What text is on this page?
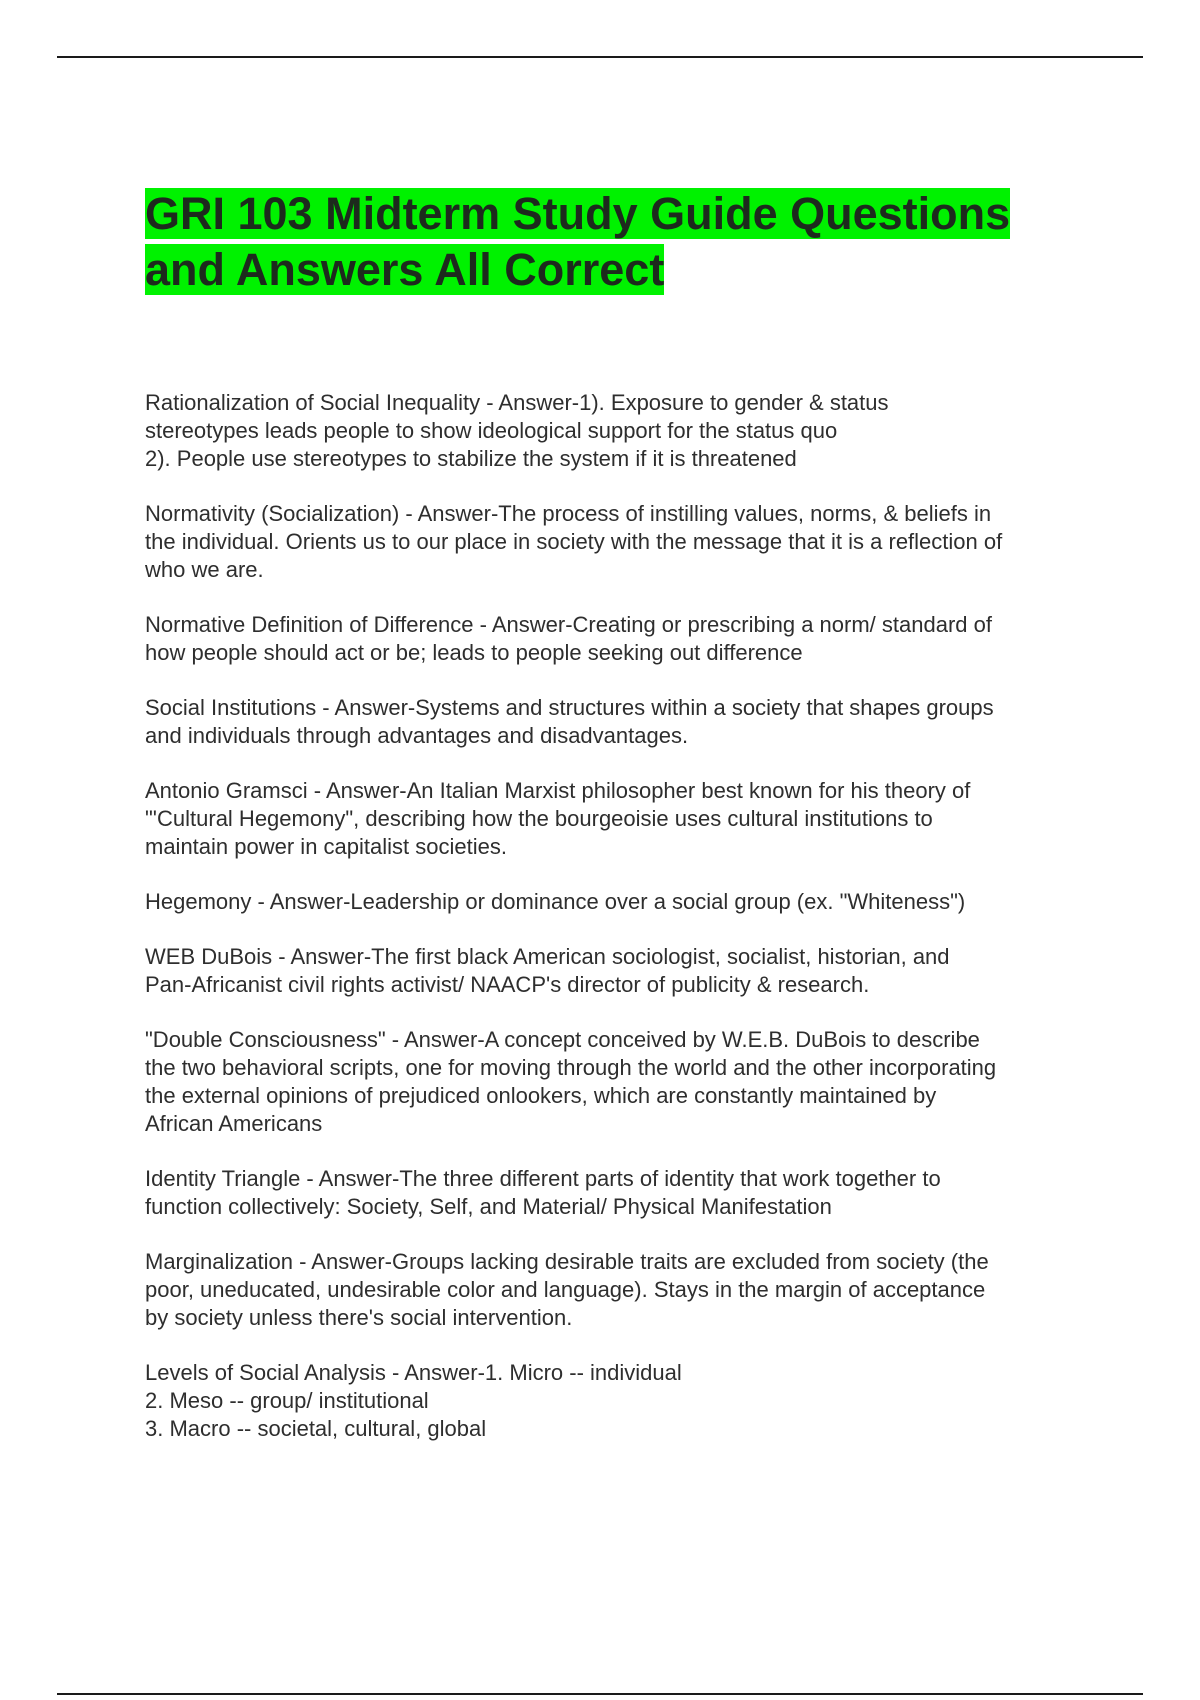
GRI 103 Midterm Study Guide Questions
and Answers All Correct

Rationalization of Social Inequality - Answer-1). Exposure to gender & status
stereotypes leads people to show ideological support for the status quo
2). People use stereotypes to stabilize the system if it is threatened

Normativity (Socialization) - Answer-The process of instilling values, norms, & beliefs in
the individual. Orients us to our place in society with the message that it is a reflection of
who we are.

Normative Definition of Difference - Answer-Creating or prescribing a norm/ standard of
how people should act or be; leads to people seeking out difference

Social Institutions - Answer-Systems and structures within a society that shapes groups
and individuals through advantages and disadvantages.

Antonio Gramsci - Answer-An Italian Marxist philosopher best known for his theory of
"'Cultural Hegemony", describing how the bourgeoisie uses cultural institutions to
maintain power in capitalist societies.

Hegemony - Answer-Leadership or dominance over a social group (ex. "Whiteness")

WEB DuBois - Answer-The first black American sociologist, socialist, historian, and
Pan-Africanist civil rights activist/ NAACP's director of publicity & research.

"Double Consciousness" - Answer-A concept conceived by W.E.B. DuBois to describe
the two behavioral scripts, one for moving through the world and the other incorporating
the external opinions of prejudiced onlookers, which are constantly maintained by
African Americans

Identity Triangle - Answer-The three different parts of identity that work together to
function collectively: Society, Self, and Material/ Physical Manifestation

Marginalization - Answer-Groups lacking desirable traits are excluded from society (the
poor, uneducated, undesirable color and language). Stays in the margin of acceptance
by society unless there's social intervention.

Levels of Social Analysis - Answer-1. Micro -- individual
2. Meso -- group/ institutional
3. Macro -- societal, cultural, global
